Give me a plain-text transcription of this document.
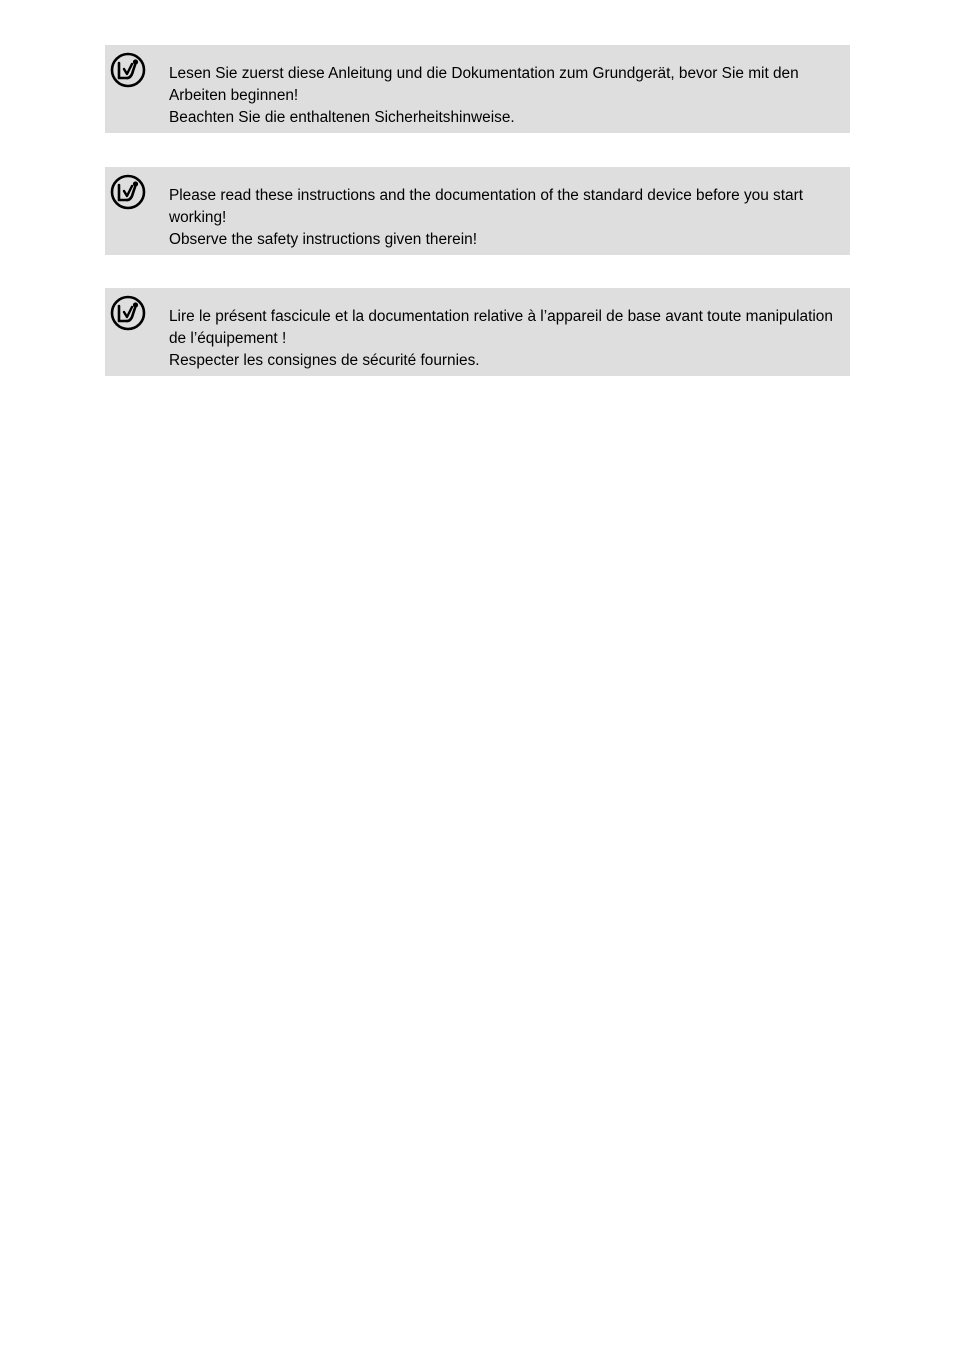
Lesen Sie zuerst diese Anleitung und die Dokumentation zum Grundgerät, bevor Sie mit den Arbeiten beginnen!
Beachten Sie die enthaltenen Sicherheitshinweise.
Please read these instructions and the documentation of the standard device before you start working!
Observe the safety instructions given therein!
Lire le présent fascicule et la documentation relative à l’appareil de base avant toute manipulation de l’équipement !
Respecter les consignes de sécurité fournies.
